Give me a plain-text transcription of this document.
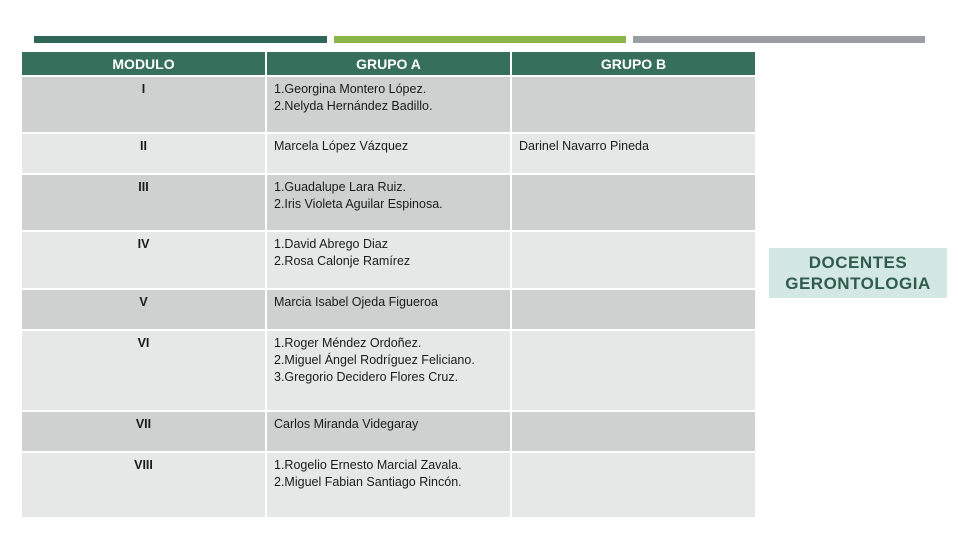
MODULO	GRUPO A	GRUPO B
I	1.Georgina Montero López.
2.Nelyda Hernández Badillo.	

II	Marcela López Vázquez	Darinel Navarro Pineda
III	1.Guadalupe Lara Ruiz.
2.Iris Violeta Aguilar Espinosa.	

IV	1.David Abrego Diaz
2.Rosa Calonje Ramírez	

V	Marcia Isabel Ojeda Figueroa	

VI	1.Roger Méndez Ordoñez.
2.Miguel Ángel Rodríguez Feliciano.
3.Gregorio Decidero Flores Cruz.	

VII	Carlos Miranda Videgaray	

VIII	1.Rogelio Ernesto Marcial Zavala.
2.Miguel Fabian Santiago Rincón.	

DOCENTES
GERONTOLOGIA
